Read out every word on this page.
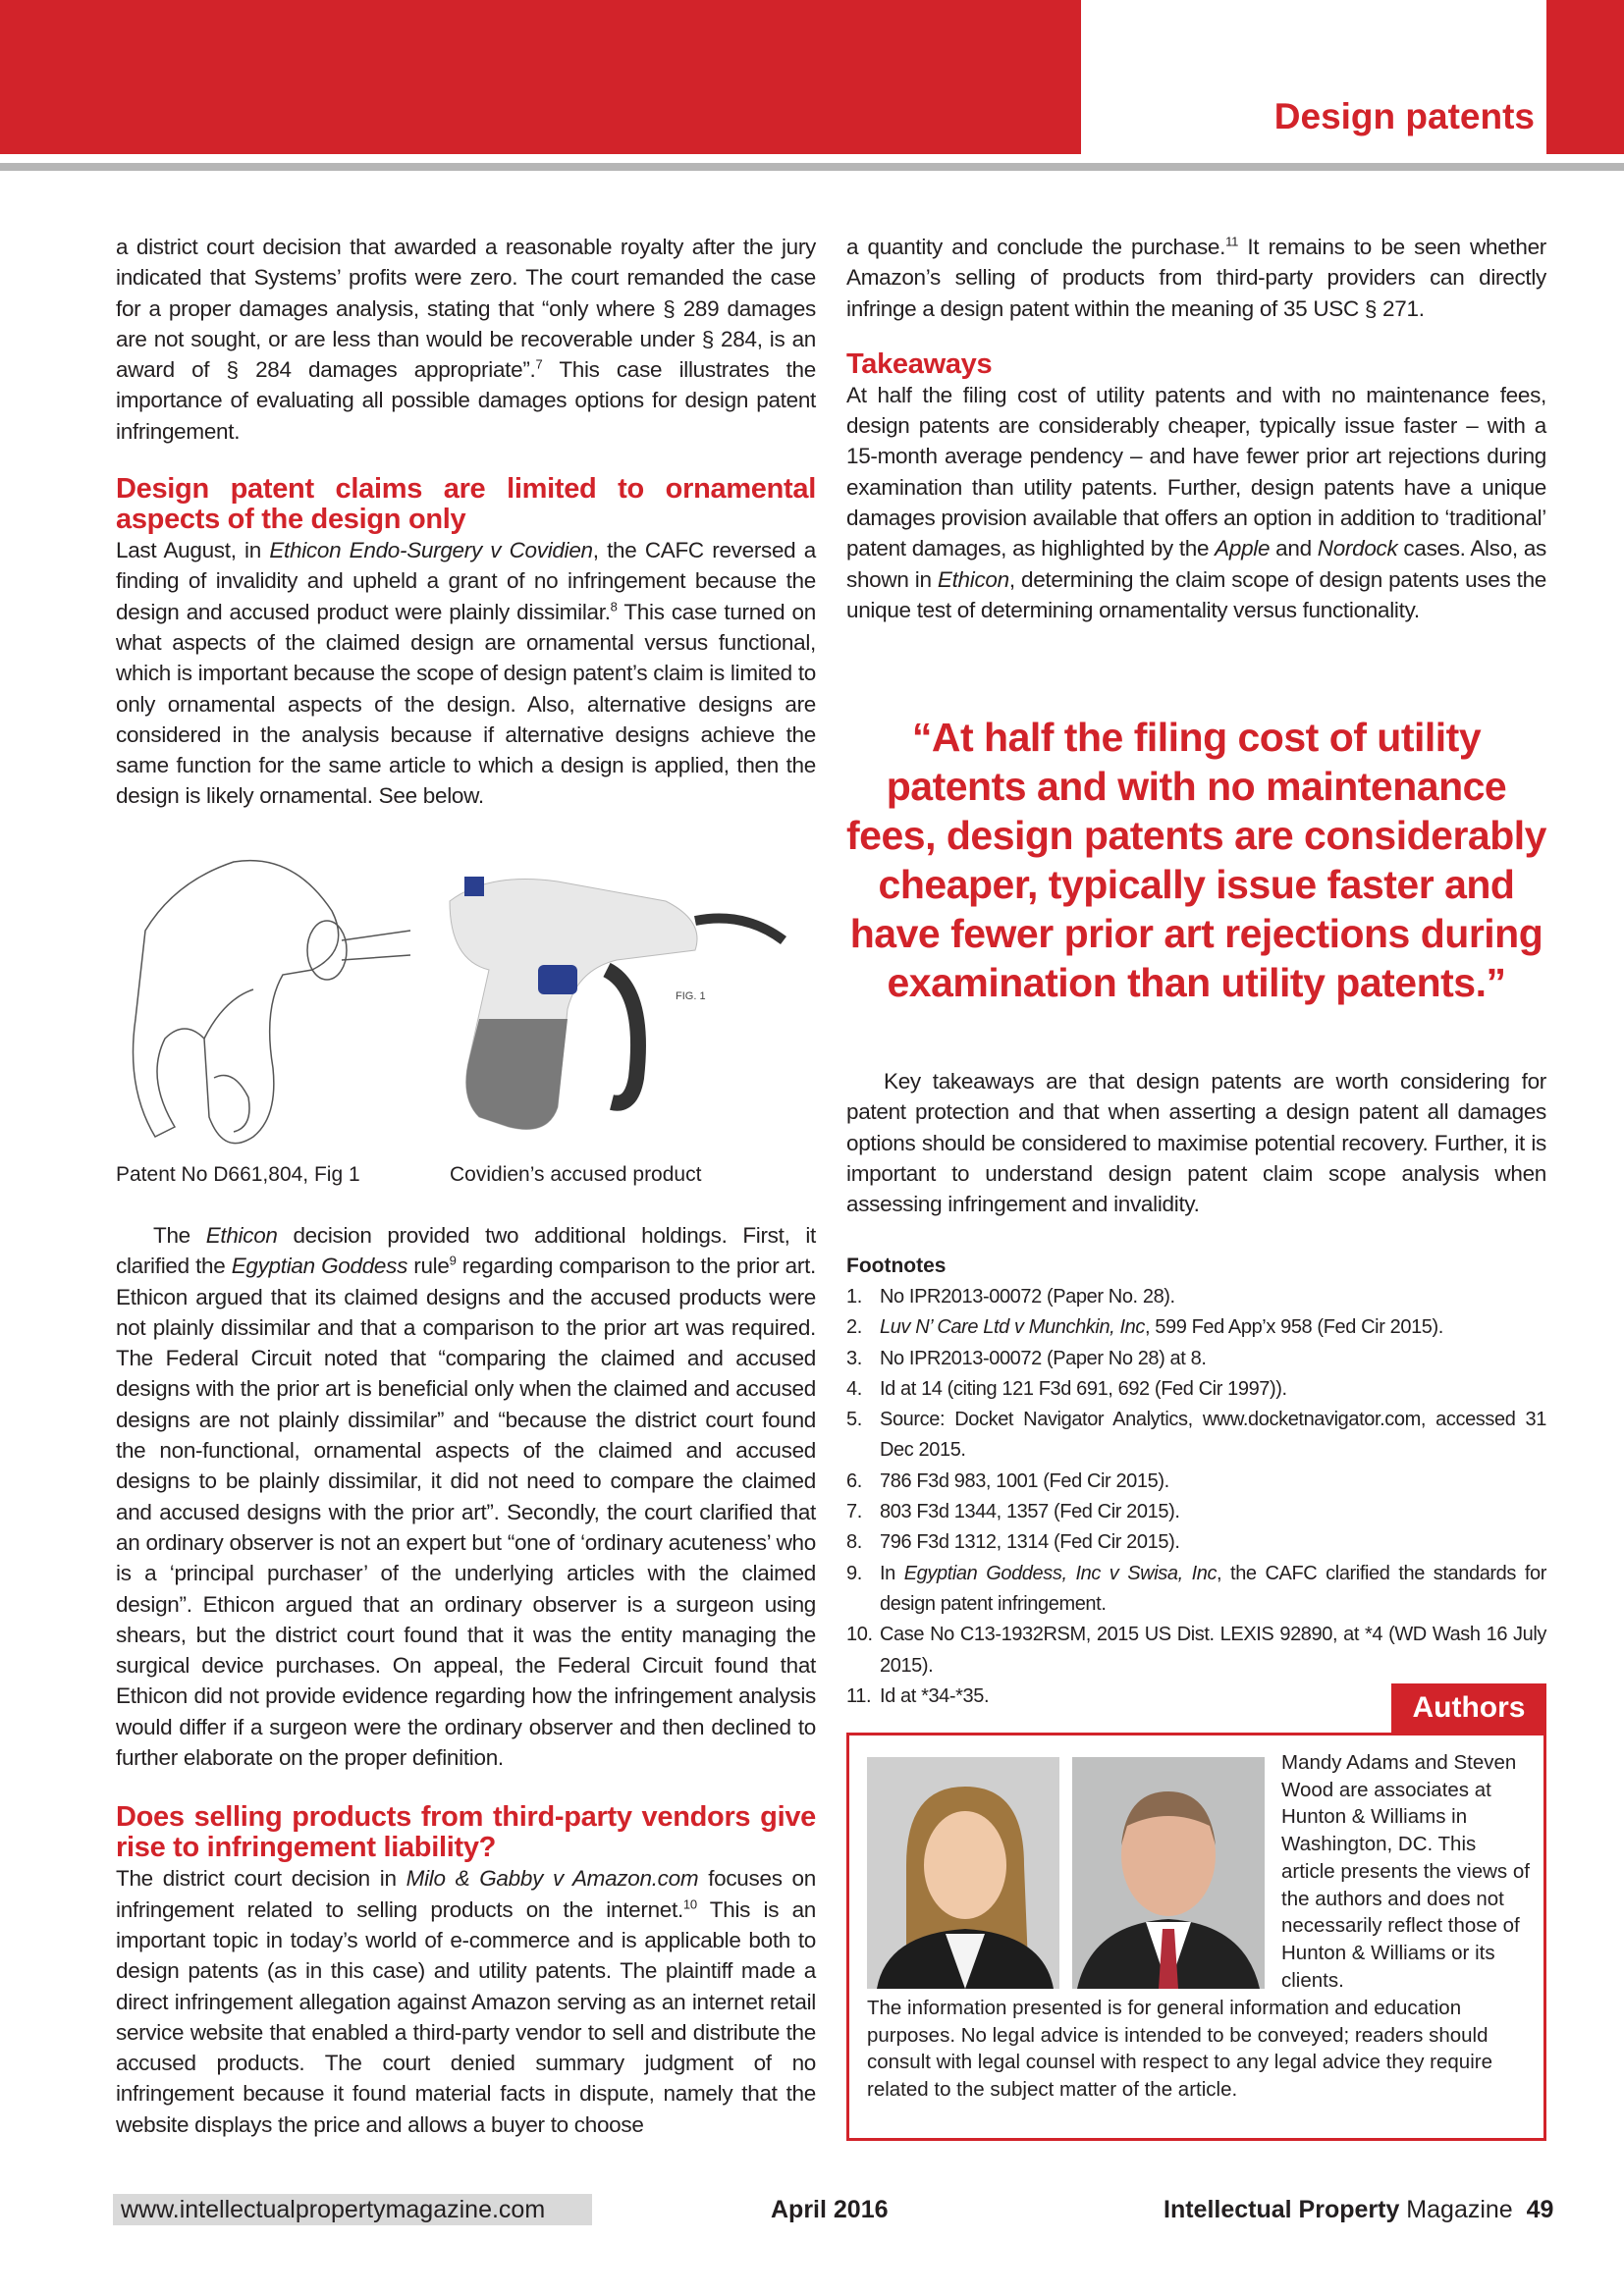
Design patents

a district court decision that awarded a reasonable royalty after the jury indicated that Systems’ profits were zero. The court remanded the case for a proper damages analysis, stating that “only where § 289 damages are not sought, or are less than would be recoverable under § 284, is an award of § 284 damages appropriate”.$^7$ This case illustrates the importance of evaluating all possible damages options for design patent infringement.

Design patent claims are limited to ornamental aspects of the design only

Last August, in Ethicon Endo-Surgery v Covidien, the CAFC reversed a finding of invalidity and upheld a grant of no infringement because the design and accused product were plainly dissimilar.$^8$ This case turned on what aspects of the claimed design are ornamental versus functional, which is important because the scope of design patent’s claim is limited to only ornamental aspects of the design. Also, alternative designs are considered in the analysis because if alternative designs achieve the same function for the same article to which a design is applied, then the design is likely ornamental. See below.

FIG. 1
Patent No D661,804, Fig 1	Covidien’s accused product

The Ethicon decision provided two additional holdings. First, it clarified the Egyptian Goddess rule$^9$ regarding comparison to the prior art. Ethicon argued that its claimed designs and the accused products were not plainly dissimilar and that a comparison to the prior art was required. The Federal Circuit noted that “comparing the claimed and accused designs with the prior art is beneficial only when the claimed and accused designs are not plainly dissimilar” and “because the district court found the non-functional, ornamental aspects of the claimed and accused designs to be plainly dissimilar, it did not need to compare the claimed and accused designs with the prior art”. Secondly, the court clarified that an ordinary observer is not an expert but “one of ‘ordinary acuteness’ who is a ‘principal purchaser’ of the underlying articles with the claimed design”. Ethicon argued that an ordinary observer is a surgeon using shears, but the district court found that it was the entity managing the surgical device purchases. On appeal, the Federal Circuit found that Ethicon did not provide evidence regarding how the infringement analysis would differ if a surgeon were the ordinary observer and then declined to further elaborate on the proper definition.

Does selling products from third-party vendors give rise to infringement liability?

The district court decision in Milo & Gabby v Amazon.com focuses on infringement related to selling products on the internet.$^{10}$ This is an important topic in today’s world of e-commerce and is applicable both to design patents (as in this case) and utility patents. The plaintiff made a direct infringement allegation against Amazon serving as an internet retail service website that enabled a third-party vendor to sell and distribute the accused products. The court denied summary judgment of no infringement because it found material facts in dispute, namely that the website displays the price and allows a buyer to choose

a quantity and conclude the purchase.$^{11}$ It remains to be seen whether Amazon’s selling of products from third-party providers can directly infringe a design patent within the meaning of 35 USC § 271.

Takeaways

At half the filing cost of utility patents and with no maintenance fees, design patents are considerably cheaper, typically issue faster – with a 15-month average pendency – and have fewer prior art rejections during examination than utility patents. Further, design patents have a unique damages provision available that offers an option in addition to ‘traditional’ patent damages, as highlighted by the Apple and Nordock cases. Also, as shown in Ethicon, determining the claim scope of design patents uses the unique test of determining ornamentality versus functionality.

“At half the filing cost of utility patents and with no maintenance fees, design patents are considerably cheaper, typically issue faster and have fewer prior art rejections during examination than utility patents.”

Key takeaways are that design patents are worth considering for patent protection and that when asserting a design patent all damages options should be considered to maximise potential recovery. Further, it is important to understand design patent claim scope analysis when assessing infringement and invalidity.

Footnotes
1. No IPR2013-00072 (Paper No. 28).
2. Luv N’ Care Ltd v Munchkin, Inc, 599 Fed App’x 958 (Fed Cir 2015).
3. No IPR2013-00072 (Paper No 28) at 8.
4. Id at 14 (citing 121 F3d 691, 692 (Fed Cir 1997)).
5. Source: Docket Navigator Analytics, www.docketnavigator.com, accessed 31 Dec 2015.
6. 786 F3d 983, 1001 (Fed Cir 2015).
7. 803 F3d 1344, 1357 (Fed Cir 2015).
8. 796 F3d 1312, 1314 (Fed Cir 2015).
9. In Egyptian Goddess, Inc v Swisa, Inc, the CAFC clarified the standards for design patent infringement.
10. Case No C13-1932RSM, 2015 US Dist. LEXIS 92890, at *4 (WD Wash 16 July 2015).
11. Id at *34-*35.	Authors
Mandy Adams and Steven Wood are associates at Hunton & Williams in Washington, DC. This article presents the views of the authors and does not necessarily reflect those of Hunton & Williams or its clients.
The information presented is for general information and education purposes. No legal advice is intended to be conveyed; readers should consult with legal counsel with respect to any legal advice they require related to the subject matter of the article.
www.intellectualpropertymagazine.com	April 2016	Intellectual Property Magazine 49
